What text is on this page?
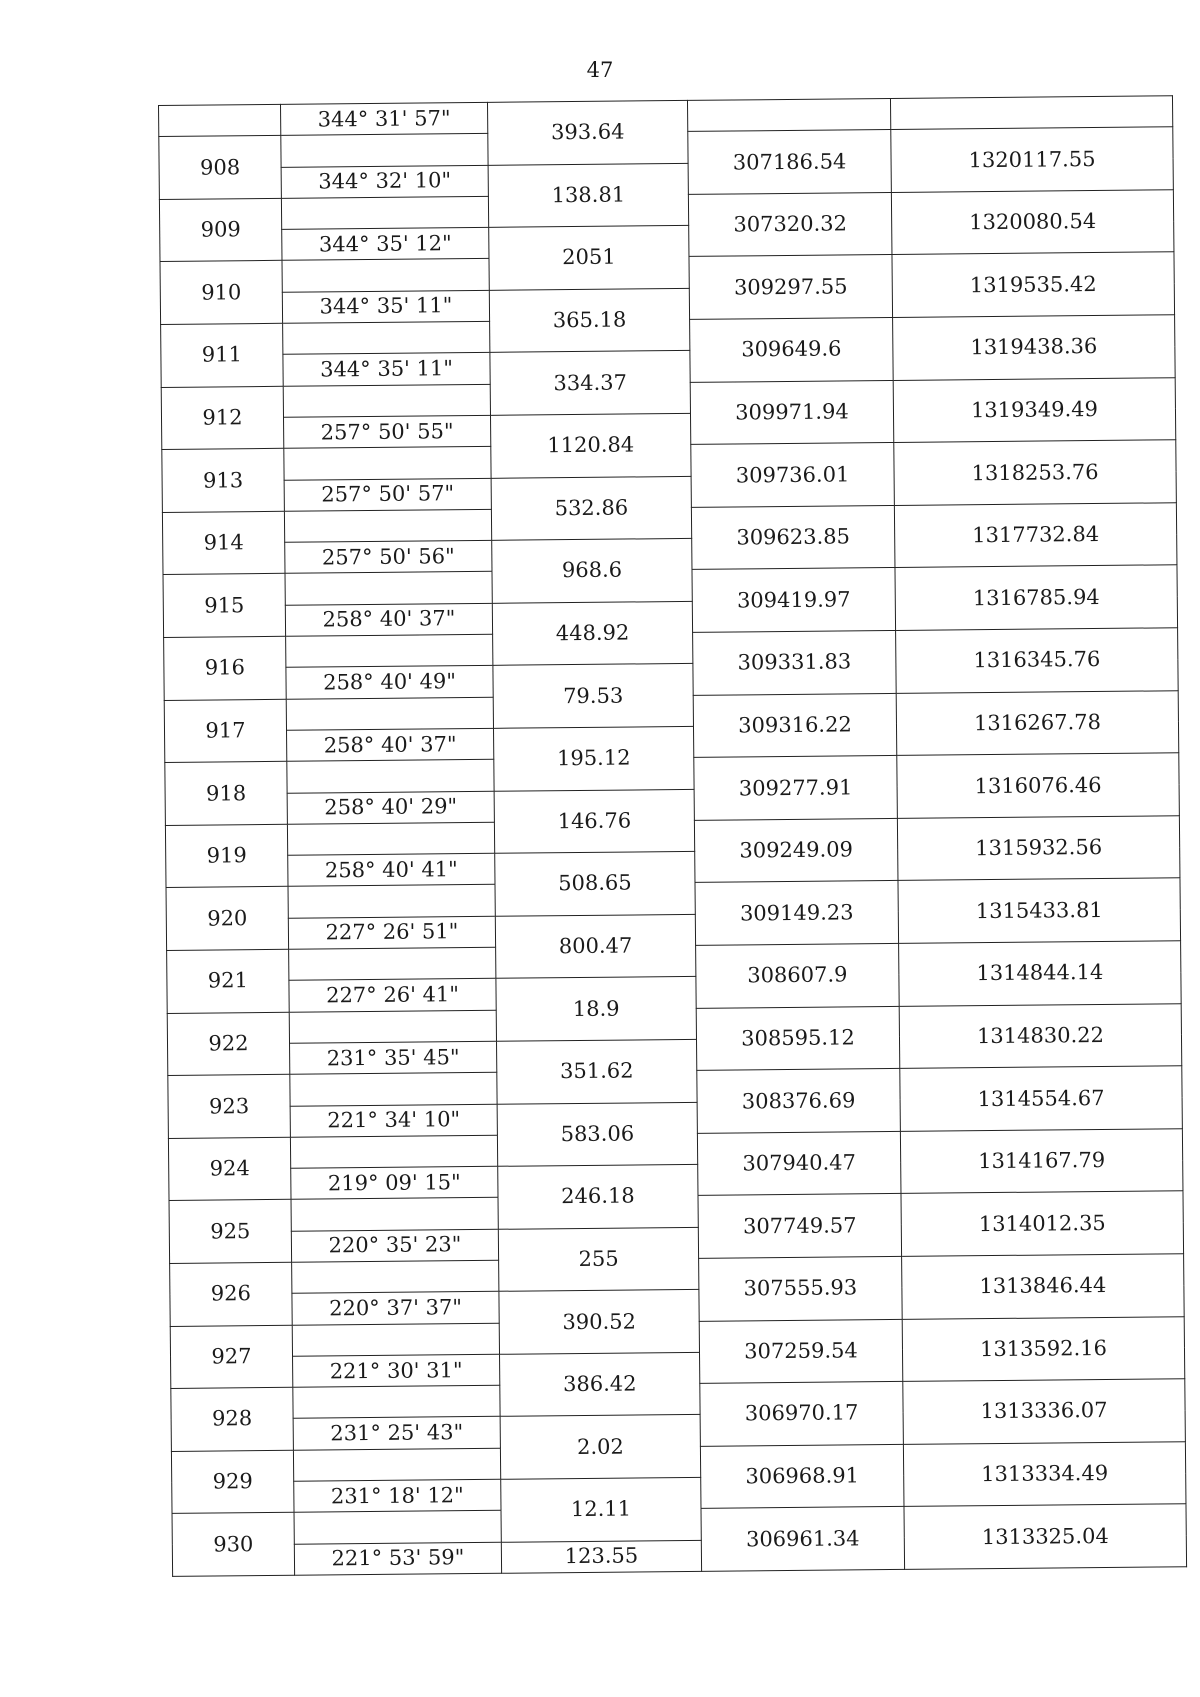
47
	344° 31' 57"	393.64		
908			307186.54	1320117.55
	344° 32' 10"	138.81		
909			307320.32	1320080.54
	344° 35' 12"	2051		
910			309297.55	1319535.42
	344° 35' 11"	365.18		
911			309649.6	1319438.36
	344° 35' 11"	334.37		
912			309971.94	1319349.49
	257° 50' 55"	1120.84		
913			309736.01	1318253.76
	257° 50' 57"	532.86		
914			309623.85	1317732.84
	257° 50' 56"	968.6		
915			309419.97	1316785.94
	258° 40' 37"	448.92		
916			309331.83	1316345.76
	258° 40' 49"	79.53		
917			309316.22	1316267.78
	258° 40' 37"	195.12		
918			309277.91	1316076.46
	258° 40' 29"	146.76		
919			309249.09	1315932.56
	258° 40' 41"	508.65		
920			309149.23	1315433.81
	227° 26' 51"	800.47		
921			308607.9	1314844.14
	227° 26' 41"	18.9		
922			308595.12	1314830.22
	231° 35' 45"	351.62		
923			308376.69	1314554.67
	221° 34' 10"	583.06		
924			307940.47	1314167.79
	219° 09' 15"	246.18		
925			307749.57	1314012.35
	220° 35' 23"	255		
926			307555.93	1313846.44
	220° 37' 37"	390.52		
927			307259.54	1313592.16
	221° 30' 31"	386.42		
928			306970.17	1313336.07
	231° 25' 43"	2.02		
929			306968.91	1313334.49
	231° 18' 12"	12.11		
930			306961.34	1313325.04
	221° 53' 59"	123.55		
